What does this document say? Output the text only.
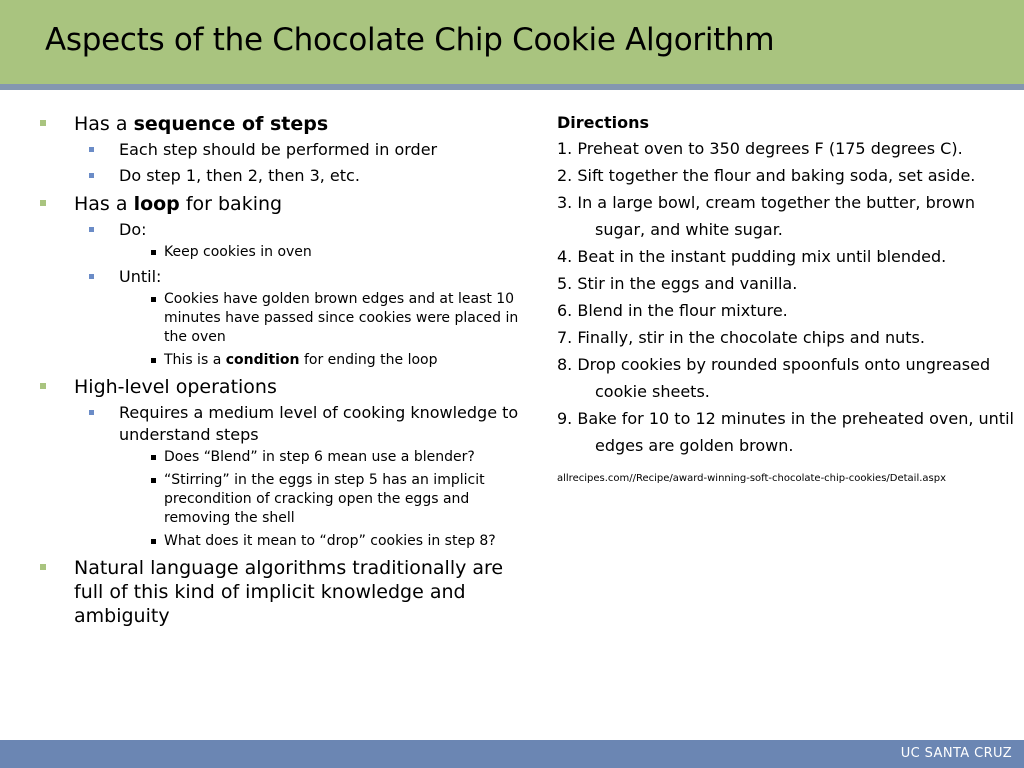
Aspects of the Chocolate Chip Cookie Algorithm
Has a sequence of steps
Each step should be performed in order
Do step 1, then 2, then 3, etc.
Has a loop for baking
Do:
Keep cookies in oven
Until:
Cookies have golden brown edges and at least 10 minutes have passed since cookies were placed in the oven
This is a condition for ending the loop
High-level operations
Requires a medium level of cooking knowledge to understand steps
Does “Blend” in step 6 mean use a blender?
“Stirring” in the eggs in step 5 has an implicit precondition of cracking open the eggs and removing the shell
What does it mean to “drop” cookies in step 8?
Natural language algorithms traditionally are full of this kind of implicit knowledge and ambiguity
Directions
1. Preheat oven to 350 degrees F (175 degrees C).
2. Sift together the flour and baking soda, set aside.
3. In a large bowl, cream together the butter, brown sugar, and white sugar.
4. Beat in the instant pudding mix until blended.
5. Stir in the eggs and vanilla.
6. Blend in the flour mixture.
7. Finally, stir in the chocolate chips and nuts.
8. Drop cookies by rounded spoonfuls onto ungreased cookie sheets.
9. Bake for 10 to 12 minutes in the preheated oven, until edges are golden brown.
allrecipes.com//Recipe/award-winning-soft-chocolate-chip-cookies/Detail.aspx
UC SANTA CRUZ
